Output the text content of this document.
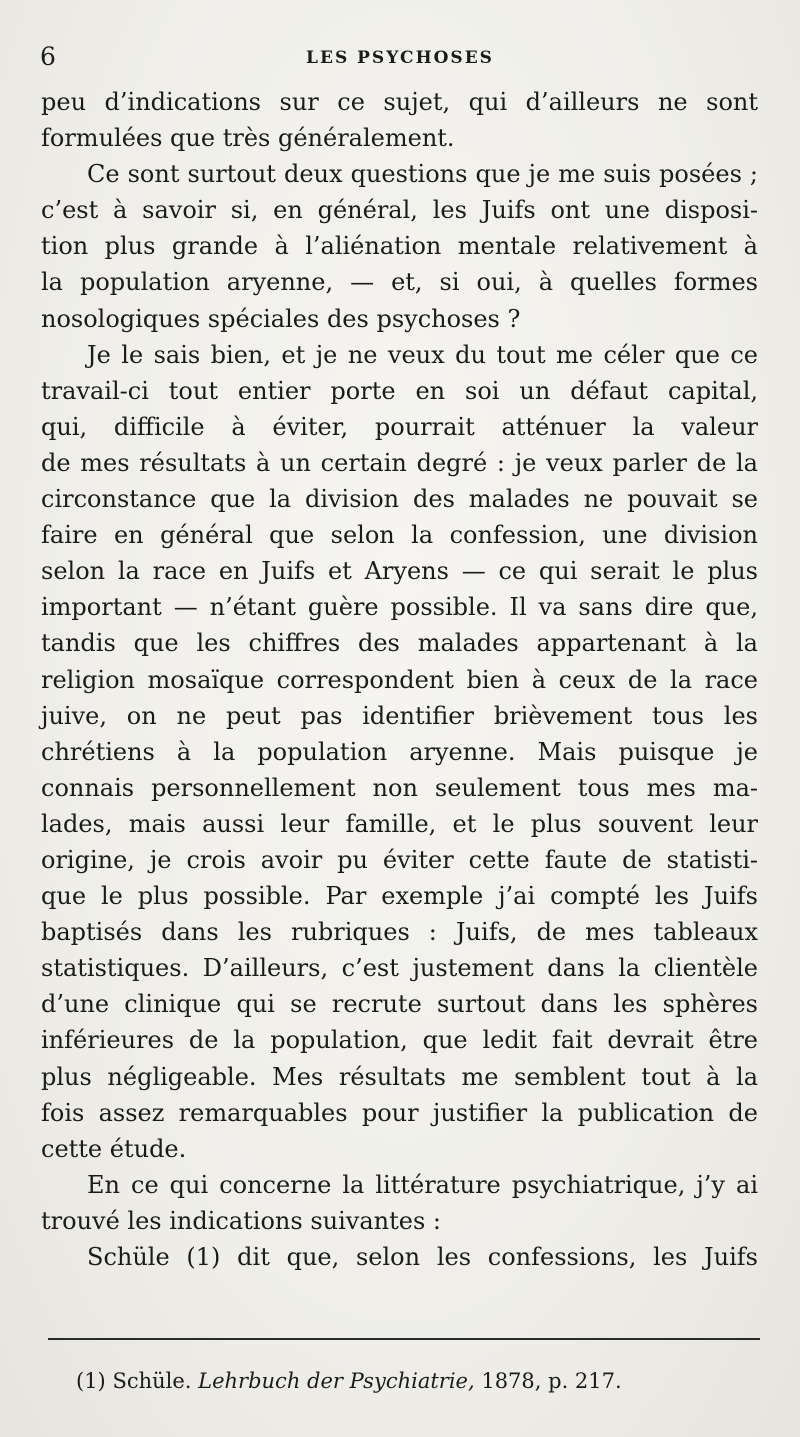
6	LES PSYCHOSES
peu d’indications sur ce sujet, qui d’ailleurs ne sont
formulées que très généralement.
Ce sont surtout deux questions que je me suis posées ;
c’est à savoir si, en général, les Juifs ont une disposi-
tion plus grande à l’aliénation mentale relativement à
la population aryenne, — et, si oui, à quelles formes
nosologiques spéciales des psychoses ?
Je le sais bien, et je ne veux du tout me céler que ce
travail-ci tout entier porte en soi un défaut capital,
qui, difficile à éviter, pourrait atténuer la valeur
de mes résultats à un certain degré : je veux parler de la
circonstance que la division des malades ne pouvait se
faire en général que selon la confession, une division
selon la race en Juifs et Aryens — ce qui serait le plus
important — n’étant guère possible. Il va sans dire que,
tandis que les chiffres des malades appartenant à la
religion mosaïque correspondent bien à ceux de la race
juive, on ne peut pas identifier brièvement tous les
chrétiens à la population aryenne. Mais puisque je
connais personnellement non seulement tous mes ma-
lades, mais aussi leur famille, et le plus souvent leur
origine, je crois avoir pu éviter cette faute de statisti-
que le plus possible. Par exemple j’ai compté les Juifs
baptisés dans les rubriques : Juifs, de mes tableaux
statistiques. D’ailleurs, c’est justement dans la clientèle
d’une clinique qui se recrute surtout dans les sphères
inférieures de la population, que ledit fait devrait être
plus négligeable. Mes résultats me semblent tout à la
fois assez remarquables pour justifier la publication de
cette étude.
En ce qui concerne la littérature psychiatrique, j’y ai
trouvé les indications suivantes :
Schüle (1) dit que, selon les confessions, les Juifs
(1) Schüle. Lehrbuch der Psychiatrie, 1878, p. 217.
